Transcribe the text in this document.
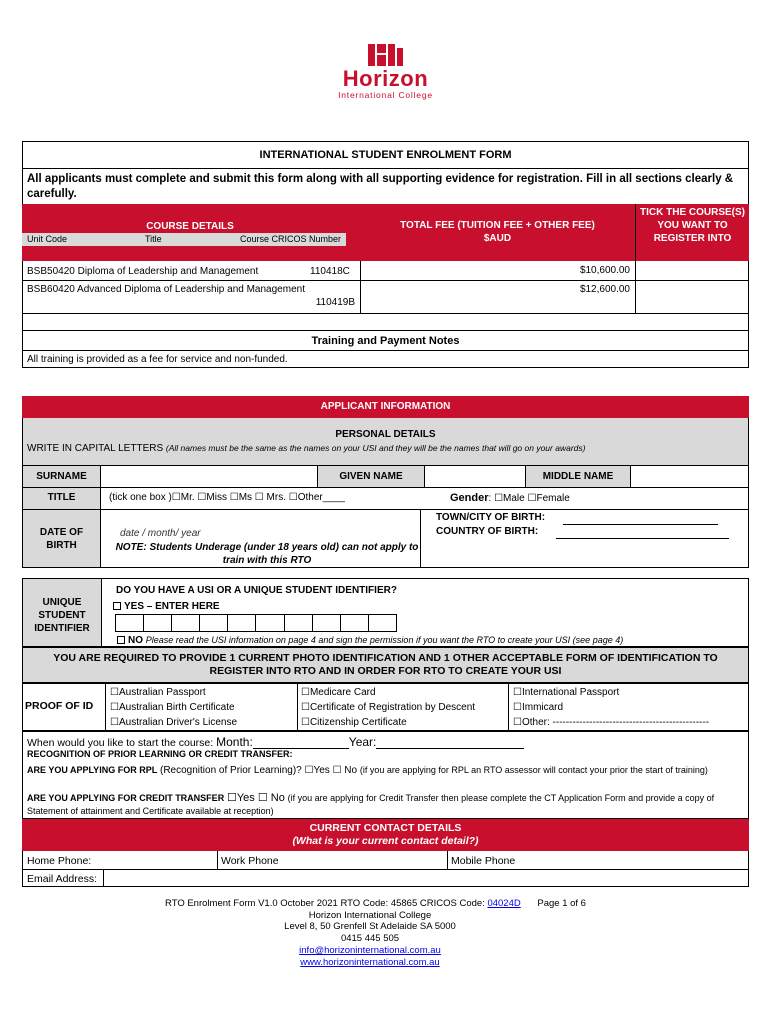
Horizon
International College
INTERNATIONAL STUDENT ENROLMENT FORM
All applicants must complete and submit this form along with all supporting evidence for registration. Fill in all sections clearly & carefully.
COURSE DETAILS
Unit Code	Title	Course CRICOS Number
TOTAL FEE (TUITION FEE + OTHER FEE)
$AUD
TICK THE COURSE(S) YOU WANT TO REGISTER INTO
BSB50420 Diploma of Leadership and Management	110418C	$10,600.00
BSB60420 Advanced Diploma of Leadership and Management
110419B
$12,600.00
Training and Payment Notes
All training is provided as a fee for service and non-funded.
APPLICANT INFORMATION
PERSONAL DETAILS
WRITE IN CAPITAL LETTERS (All names must be the same as the names on your USI and they will be the names that will go on your awards)
SURNAME	GIVEN NAME	MIDDLE NAME
TITLE	(tick one box )☐Mr. ☐Miss ☐Ms ☐ Mrs. ☐Other____	Gender: ☐Male ☐Female
DATE OF BIRTH
date / month/ year
NOTE: Students Underage (under 18 years old) can not apply to train with this RTO
TOWN/CITY OF BIRTH:
COUNTRY OF BIRTH:
UNIQUE STUDENT IDENTIFIER
DO YOU HAVE A USI OR A UNIQUE STUDENT IDENTIFIER?
YES – ENTER HERE
NO Please read the USI information on page 4 and sign the permission if you want the RTO to create your USI (see page 4)
YOU ARE REQUIRED TO PROVIDE 1 CURRENT PHOTO IDENTIFICATION AND 1 OTHER ACCEPTABLE FORM OF IDENTIFICATION TO REGISTER INTO RTO AND IN ORDER FOR RTO TO CREATE YOUR USI
PROOF OF ID
☐Australian Passport
☐Australian Birth Certificate
☐Australian Driver's License
☐Medicare Card
☐Certificate of Registration by Descent
☐Citizenship Certificate
☐International Passport
☐Immicard
☐Other: -----------------------------------------------
When would you like to start the course: Month:	Year:
RECOGNITION OF PRIOR LEARNING OR CREDIT TRANSFER:
ARE YOU APPLYING FOR RPL (Recognition of Prior Learning)? ☐Yes ☐ No (if you are applying for RPL an RTO assessor will contact your prior the start of training)
ARE YOU APPLYING FOR CREDIT TRANSFER ☐Yes ☐ No (if you are applying for Credit Transfer then please complete the CT Application Form and provide a copy of Statement of attainment and Certificate available at reception)
CURRENT CONTACT DETAILS
(What is your current contact detail?)
Home Phone:	Work Phone	Mobile Phone
Email Address:
RTO Enrolment Form V1.0 October 2021 RTO Code: 45865 CRICOS Code: 04024D Page 1 of 6
Horizon International College
Level 8, 50 Grenfell St Adelaide SA 5000
0415 445 505
info@horizoninternational.com.au
www.horizoninternational.com.au
